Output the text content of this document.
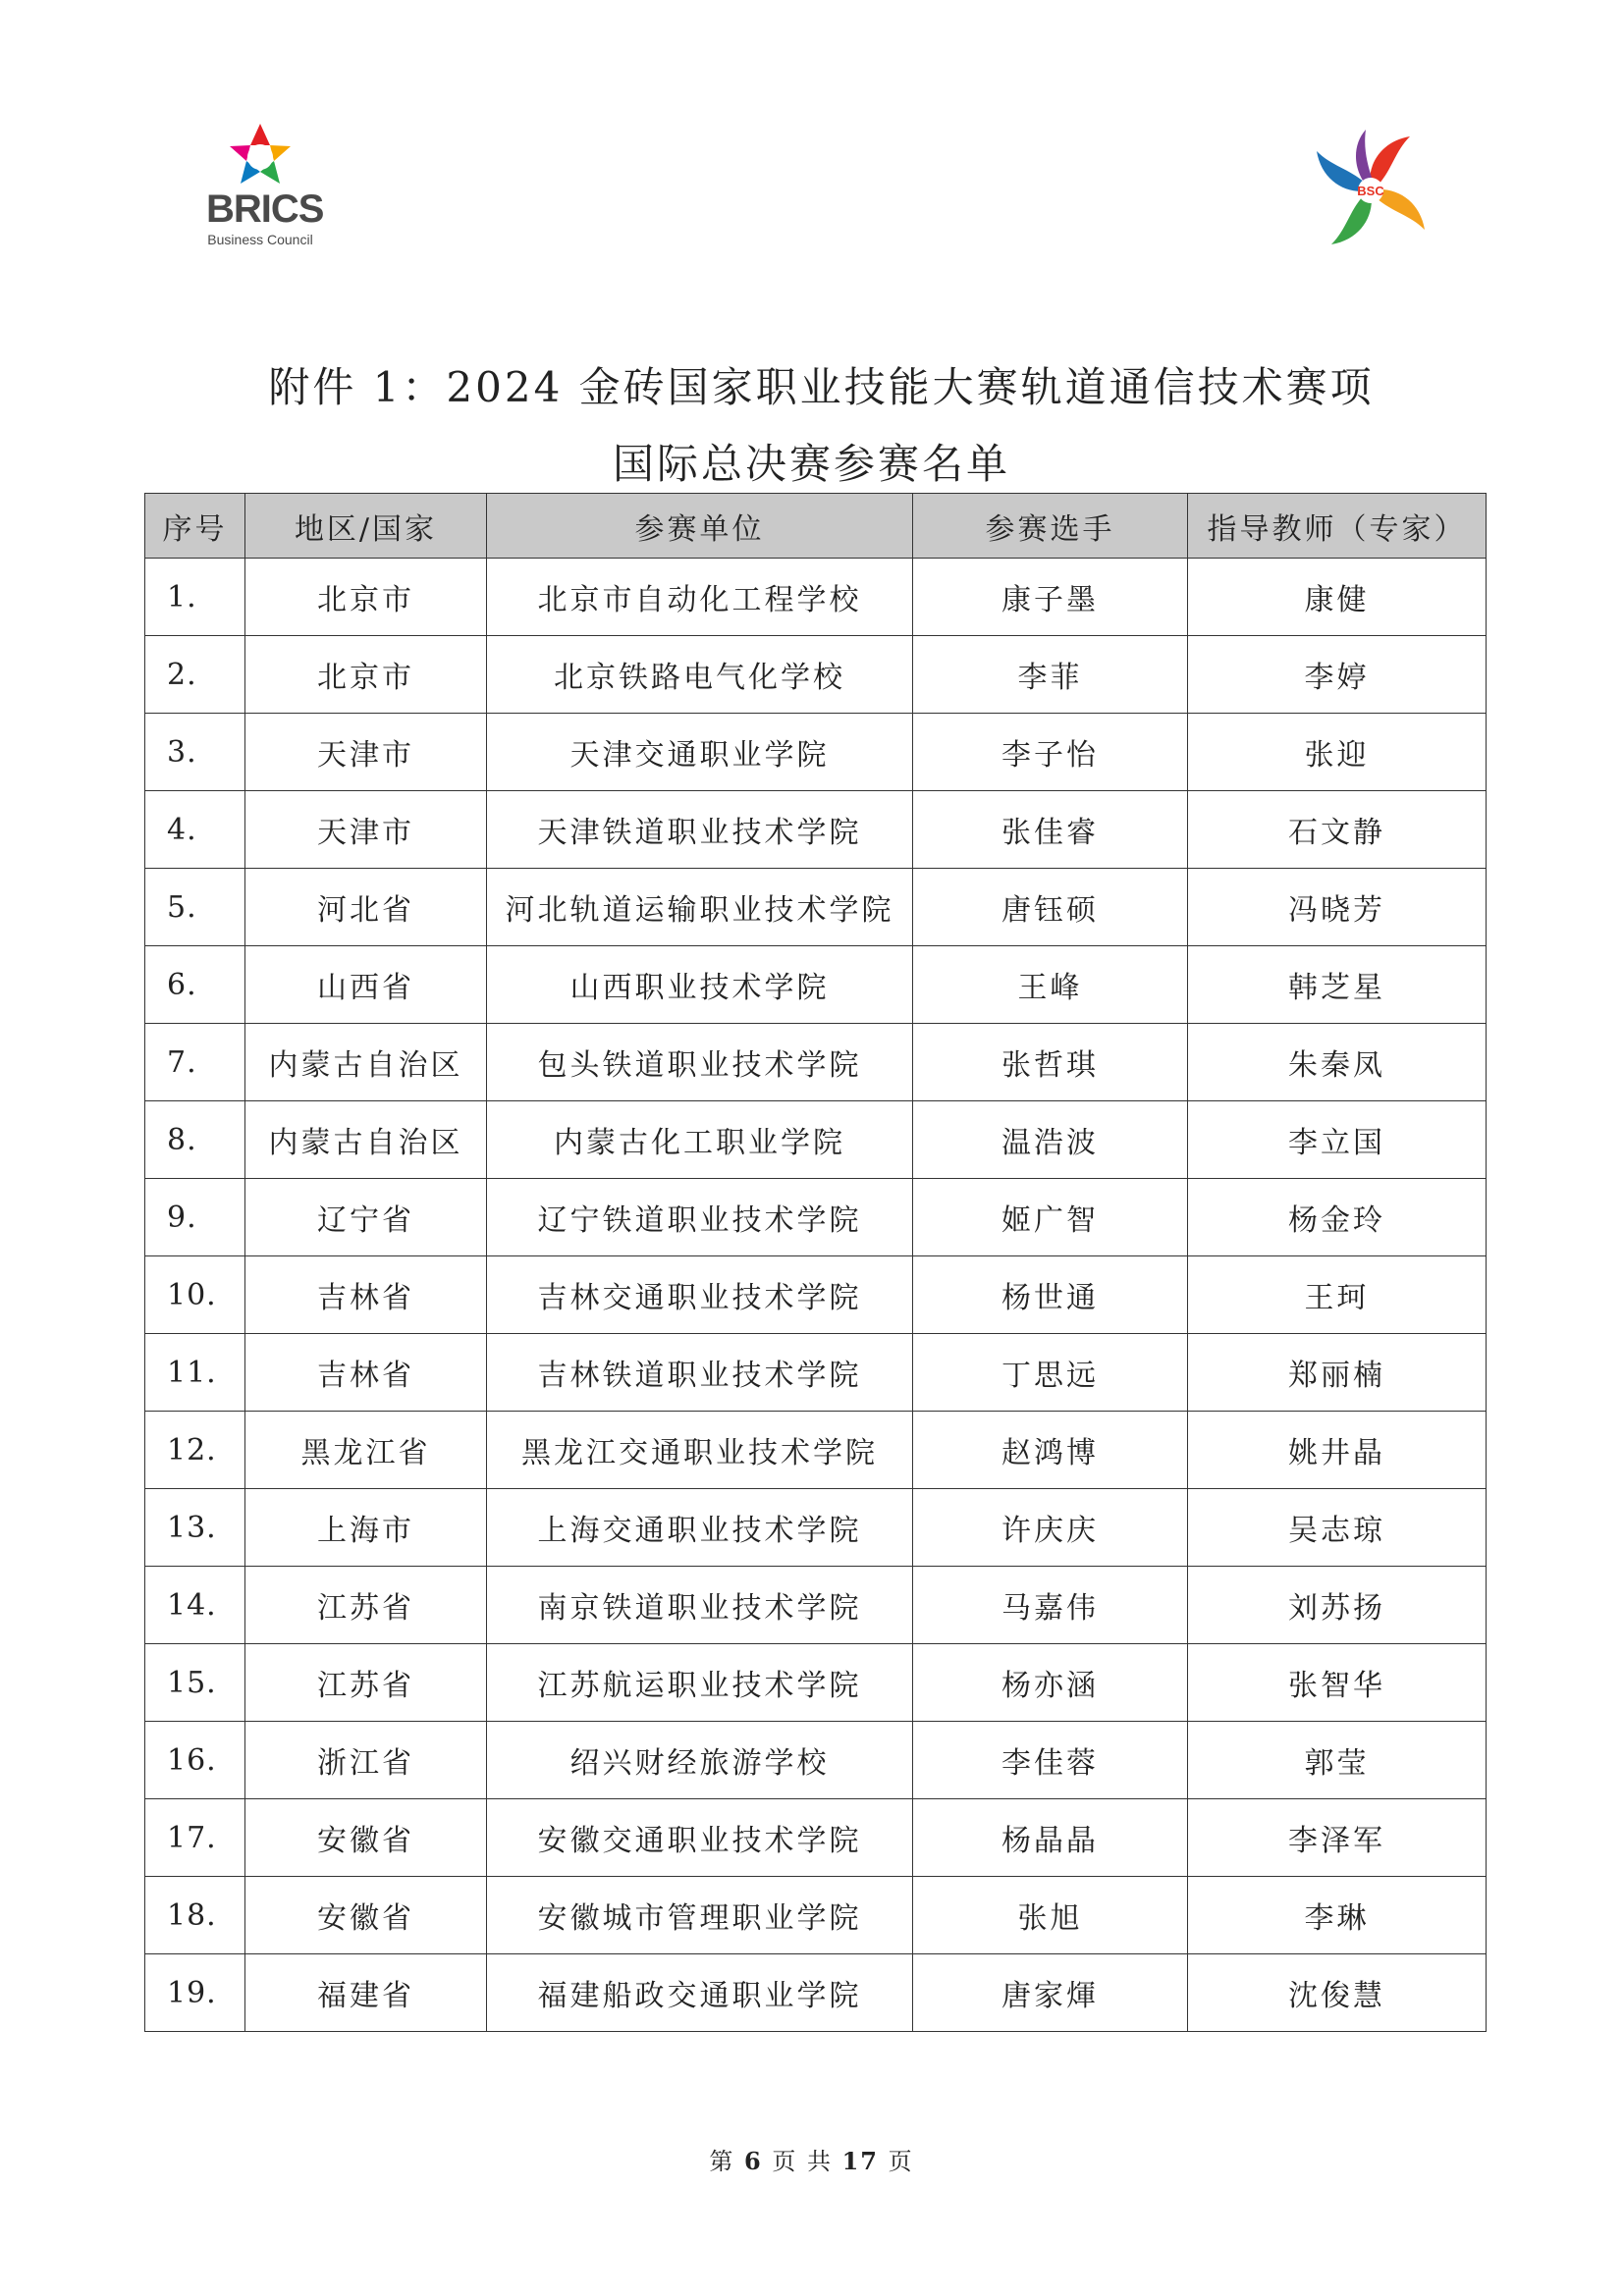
BRICS
Business Council
BSC
附件 1：2024 金砖国家职业技能大赛轨道通信技术赛项
国际总决赛参赛名单
序号	地区/国家	参赛单位	参赛选手	指导教师（专家）
1.	北京市	北京市自动化工程学校	康子墨	康健
2.	北京市	北京铁路电气化学校	李菲	李婷
3.	天津市	天津交通职业学院	李子怡	张迎
4.	天津市	天津铁道职业技术学院	张佳睿	石文静
5.	河北省	河北轨道运输职业技术学院	唐钰硕	冯晓芳
6.	山西省	山西职业技术学院	王峰	韩芝星
7.	内蒙古自治区	包头铁道职业技术学院	张哲琪	朱秦凤
8.	内蒙古自治区	内蒙古化工职业学院	温浩波	李立国
9.	辽宁省	辽宁铁道职业技术学院	姬广智	杨金玲
10.	吉林省	吉林交通职业技术学院	杨世通	王珂
11.	吉林省	吉林铁道职业技术学院	丁思远	郑丽楠
12.	黑龙江省	黑龙江交通职业技术学院	赵鸿博	姚井晶
13.	上海市	上海交通职业技术学院	许庆庆	吴志琼
14.	江苏省	南京铁道职业技术学院	马嘉伟	刘苏扬
15.	江苏省	江苏航运职业技术学院	杨亦涵	张智华
16.	浙江省	绍兴财经旅游学校	李佳蓉	郭莹
17.	安徽省	安徽交通职业技术学院	杨晶晶	李泽军
18.	安徽省	安徽城市管理职业学院	张旭	李琳
19.	福建省	福建船政交通职业学院	唐家煇	沈俊慧
第 6 页 共 17 页
